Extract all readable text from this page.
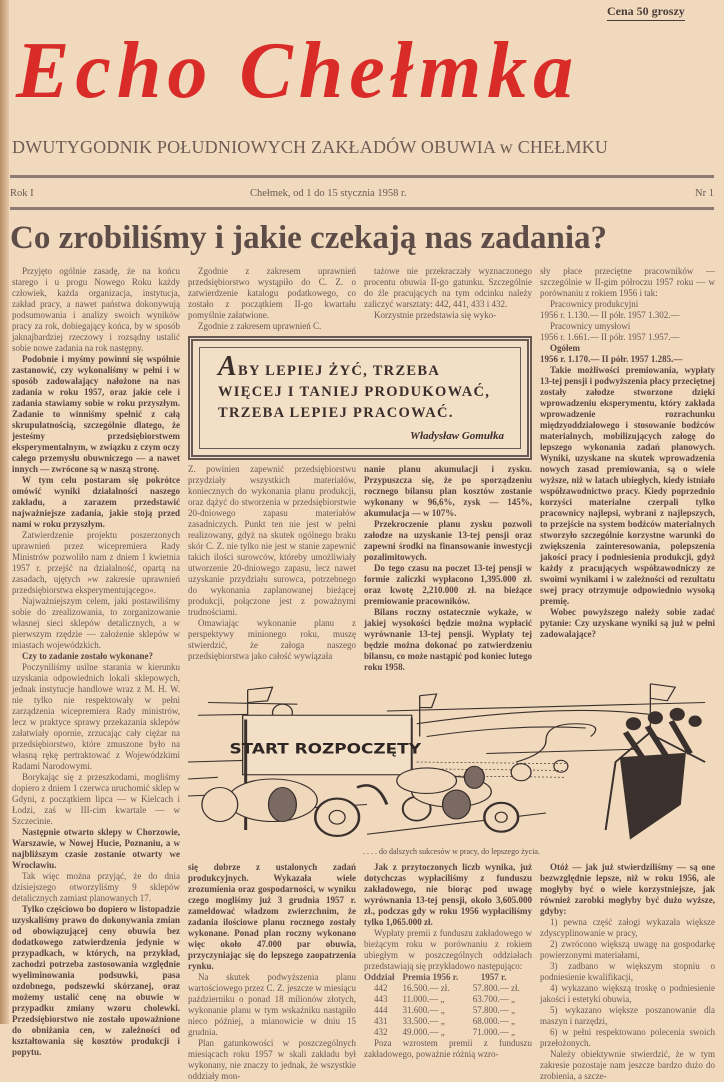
Cena 50 groszy
Echo Chełmka
DWUTYGODNIK POŁUDNIOWYCH ZAKŁADÓW OBUWIA w CHEŁMKU
Rok I	Chełmek, od 1 do 15 stycznia 1958 r.	Nr 1
Co zrobiliśmy i jakie czekają nas zadania?

Przyjęto ogólnie zasadę, że na końcu starego i u progu Nowego Roku każdy człowiek, każda organizacja, instytucja, zakład pracy, a nawet państwa dokonywują podsumowania i analizy swoich wyników pracy za rok, dobiegający końca, by w sposób jaknajbardziej rzeczowy i rozsądny ustalić sobie nowe zadania na rok następny.

Podobnie i myśmy powinni się wspólnie zastanowić, czy wykonaliśmy w pełni i w sposób zadowalający nałożone na nas zadania w roku 1957, oraz jakie cele i zadania stawiamy sobie w roku przyszłym. Zadanie to winniśmy spełnić z całą skrupulatnością, szczególnie dlatego, że jesteśmy przedsiębiorstwem eksperymentalnym, w związku z czym oczy całego przemysłu obuwniczego — a nawet innych — zwrócone są w naszą stronę.

W tym celu postaram się pokrótce omówić wyniki działalności naszego zakładu, a zarazem przedstawić najważniejsze zadania, jakie stoją przed nami w roku przyszłym.

Zatwierdzenie projektu poszerzonych uprawnień przez wicepremiera Rady Ministrów pozwoliło nam z dniem 1 kwietnia 1957 r. przejść na działalność, opartą na zasadach, ujętych »w zakresie uprawnień przedsiębiorstwa eksperymentującego«.

Najważniejszym celem, jaki postawiliśmy sobie do zrealizowania, to zorganizowanie własnej sieci sklepów detalicznych, a w pierwszym rzędzie — założenie sklepów w miastach wojewódzkich.

Czy to zadanie zostało wykonane?

Poczyniliśmy usilne starania w kierunku uzyskania odpowiednich lokali sklepowych, jednak instytucje handlowe wraz z M. H. W. nie tylko nie respektowały w pełni zarządzenia wicepremiera Rady ministrów, lecz w praktyce sprawy przekazania sklepów załatwiały opornie, zrzucając cały ciężar na przedsiębiorstwo, które zmuszone było na własną rękę pertraktować z Wojewódzkimi Radami Narodowymi.

Borykając się z przeszkodami, mogliśmy dopiero z dniem 1 czerwca uruchomić sklep w Gdyni, z początkiem lipca — w Kielcach i Łodzi, zaś w III-cim kwartale — w Szczecinie.

Następnie otwarto sklepy w Chorzowie, Warszawie, w Nowej Hucie, Poznaniu, a w najbliższym czasie zostanie otwarty we Wrocławiu.

Tak więc można przyjąć, że do dnia dzisiejszego otworzyliśmy 9 sklepów detalicznych zamiast planowanych 17.

Tylko częściowo bo dopiero w listopadzie uzyskaliśmy prawo do dokonywania zmian od obowiązującej ceny obuwia bez dodatkowego zatwierdzenia jedynie w przypadkach, w których, na przykład, zachodzi potrzeba zastosowania względnie wyeliminowania podsuwki, pasa ozdobnego, podszewki skórzanej, oraz możemy ustalić cenę na obuwie w przypadku zmiany wzoru cholewki. Przedsiębiorstwo nie zostało upoważnione do obniżania cen, w zależności od kształtowania się kosztów produkcji i popytu.

Zgodnie z zakresem uprawnień przedsiębiorstwo wystąpiło do C. Z. o zatwierdzenie katalogu podatkowego, co zostało z początkiem II-go kwartału pomyślnie załatwione.

Zgodnie z zakresem uprawnień C.

tażowe nie przekraczały wyznaczonego procentu obuwia II-go gatunku. Szczególnie do źle pracujących na tym odcinku należy zaliczyć warsztaty: 442, 441, 433 i 432.

Korzystnie przedstawia się wyko-

sły płace przeciętne pracowników — szczególnie w II-gim półroczu 1957 roku — w porównaniu z rokiem 1956 i tak:

Pracownicy produkcyjni

1956 r. 1.130.— II półr. 1957 1.302.—

Pracownicy umysłowi

1956 r. 1.661.— II półr. 1957 1.957.—

Ogółem

1956 r. 1.170.— II półr. 1957 1.285.—

Takie możliwości premiowania, wypłaty 13-tej pensji i podwyższenia płacy przeciętnej zostały załodze stworzone dzięki wprowadzeniu eksperymentu, który zakłada wprowadzenie rozrachunku międzyoddziałowego i stosowanie bodźców materialnych, mobilizujących załogę do lepszego wykonania zadań planowych. Wyniki, uzyskane na skutek wprowadzenia nowych zasad premiowania, są o wiele wyższe, niż w latach ubiegłych, kiedy istniało współzawodnictwo pracy. Kiedy poprzednio korzyści materialne czerpali tylko pracownicy najlepsi, wybrani z najlepszych, to przejście na system bodźców materialnych stworzyło szczególnie korzystne warunki do zwiększenia zainteresowania, polepszenia jakości pracy i podniesienia produkcji, gdyż każdy z pracujących współzawodniczy ze swoimi wynikami i w zależności od rezultatu swej pracy otrzymuje odpowiednio wysoką premię.

Wobec powyższego należy sobie zadać pytanie: Czy uzyskane wyniki są już w pełni zadowalające?

ABY LEPIEJ ŻYĆ, TRZEBA WIĘCEJ I TANIEJ PRODUKOWAĆ, TRZEBA LEPIEJ PRACOWAĆ.
Władysław Gomułka

Z. powinien zapewnić przedsiębiorstwu przydziały wszystkich materiałów, koniecznych do wykonania planu produkcji, oraz dążyć do stworzenia w przedsiębiorstwie 20-dniowego zapasu materiałów zasadniczych. Punkt ten nie jest w pełni realizowany, gdyż na skutek ogólnego braku skór C. Z. nie tylko nie jest w stanie zapewnić takich ilości surowców, któreby umożliwiały utworzenie 20-dniowego zapasu, lecz nawet uzyskanie przydziału surowca, potrzebnego do wykonania zaplanowanej bieżącej produkcji, połączone jest z poważnymi trudnościami.

Omawiając wykonanie planu z perspektywy minionego roku, muszę stwierdzić, że załoga naszego przedsiębiorstwa jako całość wywiązała

nanie planu akumulacji i zysku. Przypuszcza się, że po sporządzeniu rocznego bilansu plan kosztów zostanie wykonany w 96,6%, zysk — 145%, akumulacja — w 107%.

Przekroczenie planu zysku pozwoli załodze na uzyskanie 13-tej pensji oraz zapewni środki na finansowanie inwestycji pozalimitowych.

Do tego czasu na poczet 13-tej pensji w formie zaliczki wypłacono 1,395.000 zł. oraz kwotę 2,210.000 zł. na bieżące premiowanie pracowników.

Bilans roczny ostatecznie wykaże, w jakiej wysokości będzie można wypłacić wyrównanie 13-tej pensji. Wypłaty tej będzie można dokonać po zatwierdzeniu bilansu, co może nastąpić pod koniec lutego roku 1958.

START ROZPOCZĘTY
. . . . do dalszych sukcesów w pracy, do lepszego życia.

się dobrze z ustalonych zadań produkcyjnych. Wykazała wiele zrozumienia oraz gospodarności, w wyniku czego mogliśmy już 3 grudnia 1957 r. zameldować władzom zwierzchnim, że zadania ilościowe planu rocznego zostały wykonane. Ponad plan roczny wykonano więc około 47.000 par obuwia, przyczyniając się do lepszego zaopatrzenia rynku.

Na skutek podwyższenia planu wartościowego przez C. Z. jeszcze w miesiącu październiku o ponad 18 milionów złotych, wykonanie planu w tym wskaźniku nastąpiło nieco później, a mianowicie w dniu 15 grudnia.

Plan gatunkowości w poszczególnych miesiącach roku 1957 w skali zakładu był wykonany, nie znaczy to jednak, że wszystkie oddziały mon-

Jak z przytoczonych liczb wynika, już dotychczas wypłaciliśmy z funduszu zakładowego, nie biorąc pod uwagę wyrównania 13-tej pensji, około 3,605.000 zł., podczas gdy w roku 1956 wypłaciliśmy tylko 1,065.000 zł.

Wypłaty premii z funduszu zakładowego w bieżącym roku w porównaniu z rokiem ubiegłym w poszczególnych oddziałach przedstawiają się przykładowo następująco:

Oddział	Premia 1956 r.	1957 r.
442	16.500.— zł.	57.800.— zł.
443	11.000.— „	63.700.— „
444	31.600.— „	57.800.— „
431	33.500.— „	68.000.— „
432	49.000.— „	71.000.— „

Poza wzrostem premii z funduszu zakładowego, poważnie różnią wzro-

Otóż — jak już stwierdziliśmy — są one bezwzględnie lepsze, niż w roku 1956, ale mogłyby być o wiele korzystniejsze, jak również zarobki mogłyby być dużo wyższe, gdyby:

1) pewna część załogi wykazała większe zdyscyplinowanie w pracy,

2) zwrócono większą uwagę na gospodarkę powierzonymi materiałami,

3) zadbano w większym stopniu o podniesienie kwalifikacji,

4) wykazano większą troskę o podniesienie jakości i estetyki obuwia,

5) wykazano większe poszanowanie dla maszyn i narzędzi,

6) w pełni respektowano polecenia swoich przełożonych.

Należy obiektywnie stwierdzić, że w tym zakresie pozostaje nam jeszcze bardzo dużo do zrobienia, a szcze-
